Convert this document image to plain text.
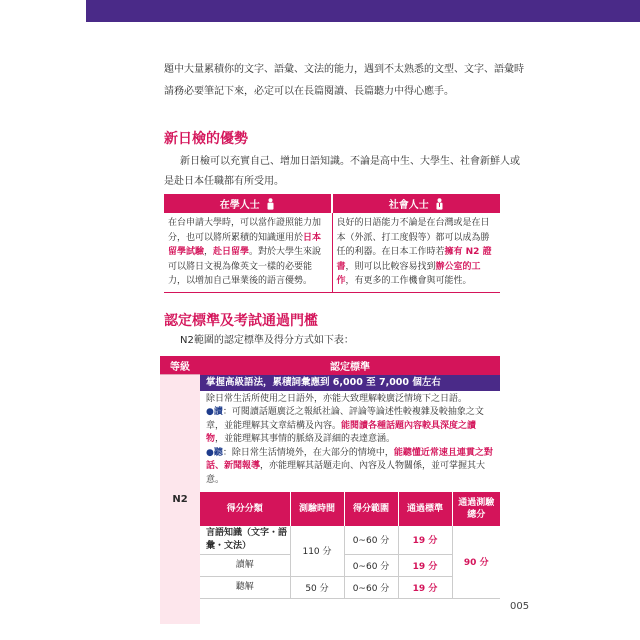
題中大量累積你的文字、語彙、文法的能力，遇到不太熟悉的文型、文字、語彙時
請務必要筆記下來，必定可以在長篇閱讀、長篇聽力中得心應手。
新日檢的優勢
新日檢可以充實自己、增加日語知識。不論是高中生、大學生、社會新鮮人或
是赴日本任職都有所受用。
在學人士	社會人士
在台申請大學時，可以當作證照能力加分，也可以將所累積的知識運用於日本留學試驗，赴日留學。對於大學生來說可以將日文視為像英文一樣的必要能力，以增加自己畢業後的語言優勢。	良好的日語能力不論是在台灣或是在日本（外派、打工度假等）都可以成為勝任的利器。在日本工作時若擁有 N2 證書，則可以比較容易找到辦公室的工作，有更多的工作機會與可能性。
認定標準及考試通過門檻
N2範圍的認定標準及得分方式如下表：
等級	認定標準
N2	
掌握高級語法，累積詞彙應到 6,000 至 7,000 個左右
除日常生活所使用之日語外，亦能大致理解較廣泛情境下之日語。
●讀：可閱讀話題廣泛之報紙社論、評論等論述性較複雜及較抽象之文章，並能理解其文章結構及內容。能閱讀各種話題內容較具深度之讀物，並能理解其事情的脈絡及詳細的表達意涵。
●聽：除日常生活情境外，在大部分的情境中，能聽懂近常速且連貫之對話、新聞報導，亦能理解其話題走向、內容及人物關係，並可掌握其大意。
得分分類	測驗時間	得分範圍	通過標準	通過測驗總分
言語知識（文字・語彙・文法）	110 分	0~60 分	19 分	90 分
讀解	0~60 分	19 分
聽解	50 分	0~60 分	19 分
005
